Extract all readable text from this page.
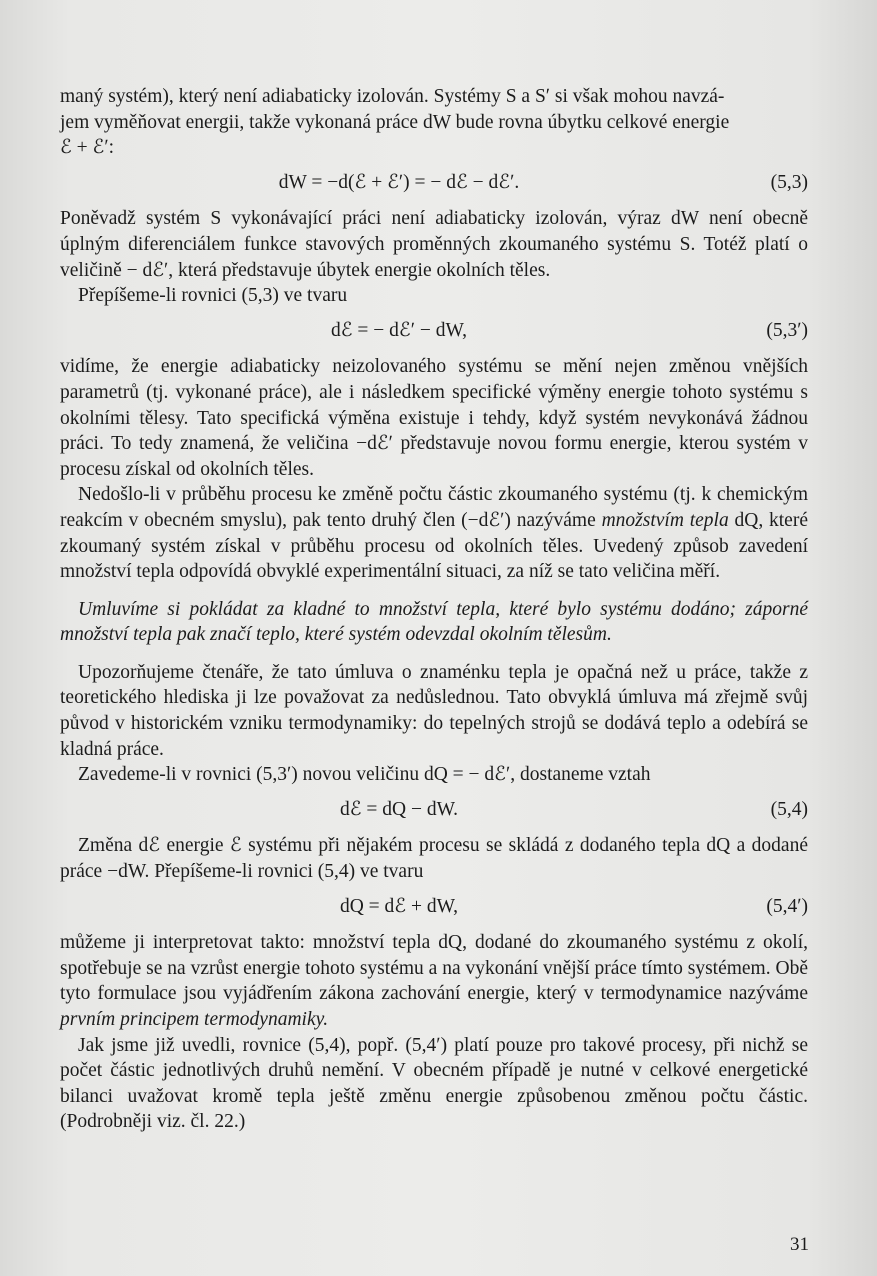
maný systém), který není adiabaticky izolován. Systémy S a Sʹ si však mohou navzá-

jem vyměňovat energii, takže vykonaná práce dW bude rovna úbytku celkové energie

ℰ + ℰʹ:

dW = −d(ℰ + ℰʹ) = − dℰ − dℰʹ.	(5,3)

Poněvadž systém S vykonávající práci není adiabaticky izolován, výraz dW není obecně úplným diferenciálem funkce stavových proměnných zkoumaného systému S. Totéž platí o veličině − dℰʹ, která představuje úbytek energie okolních těles.

Přepíšeme-li rovnici (5,3) ve tvaru

dℰ = − dℰʹ − dW,	(5,3ʹ)

vidíme, že energie adiabaticky neizolovaného systému se mění nejen změnou vnějších parametrů (tj. vykonané práce), ale i následkem specifické výměny energie tohoto systému s okolními tělesy. Tato specifická výměna existuje i tehdy, když systém nevykonává žádnou práci. To tedy znamená, že veličina −dℰʹ představuje novou formu energie, kterou systém v procesu získal od okolních těles.

Nedošlo-li v průběhu procesu ke změně počtu částic zkoumaného systému (tj. k chemickým reakcím v obecném smyslu), pak tento druhý člen (−dℰʹ) nazýváme množstvím tepla dQ, které zkoumaný systém získal v průběhu procesu od okolních těles. Uvedený způsob zavedení množství tepla odpovídá obvyklé experimentální situaci, za níž se tato veličina měří.

Umluvíme si pokládat za kladné to množství tepla, které bylo systému dodáno; záporné množství tepla pak značí teplo, které systém odevzdal okolním tělesům.

Upozorňujeme čtenáře, že tato úmluva o znaménku tepla je opačná než u práce, takže z teoretického hlediska ji lze považovat za nedůslednou. Tato obvyklá úmluva má zřejmě svůj původ v historickém vzniku termodynamiky: do tepelných strojů se dodává teplo a odebírá se kladná práce.

Zavedeme-li v rovnici (5,3ʹ) novou veličinu dQ = − dℰʹ, dostaneme vztah

dℰ = dQ − dW.	(5,4)

Změna dℰ energie ℰ systému při nějakém procesu se skládá z dodaného tepla dQ a dodané práce −dW. Přepíšeme-li rovnici (5,4) ve tvaru

dQ = dℰ + dW,	(5,4ʹ)

můžeme ji interpretovat takto: množství tepla dQ, dodané do zkoumaného systému z okolí, spotřebuje se na vzrůst energie tohoto systému a na vykonání vnější práce tímto systémem. Obě tyto formulace jsou vyjádřením zákona zachování energie, který v termodynamice nazýváme prvním principem termodynamiky.

Jak jsme již uvedli, rovnice (5,4), popř. (5,4ʹ) platí pouze pro takové procesy, při nichž se počet částic jednotlivých druhů nemění. V obecném případě je nutné v celkové energetické bilanci uvažovat kromě tepla ještě změnu energie způsobenou změnou počtu částic. (Podrobněji viz. čl. 22.)

31
